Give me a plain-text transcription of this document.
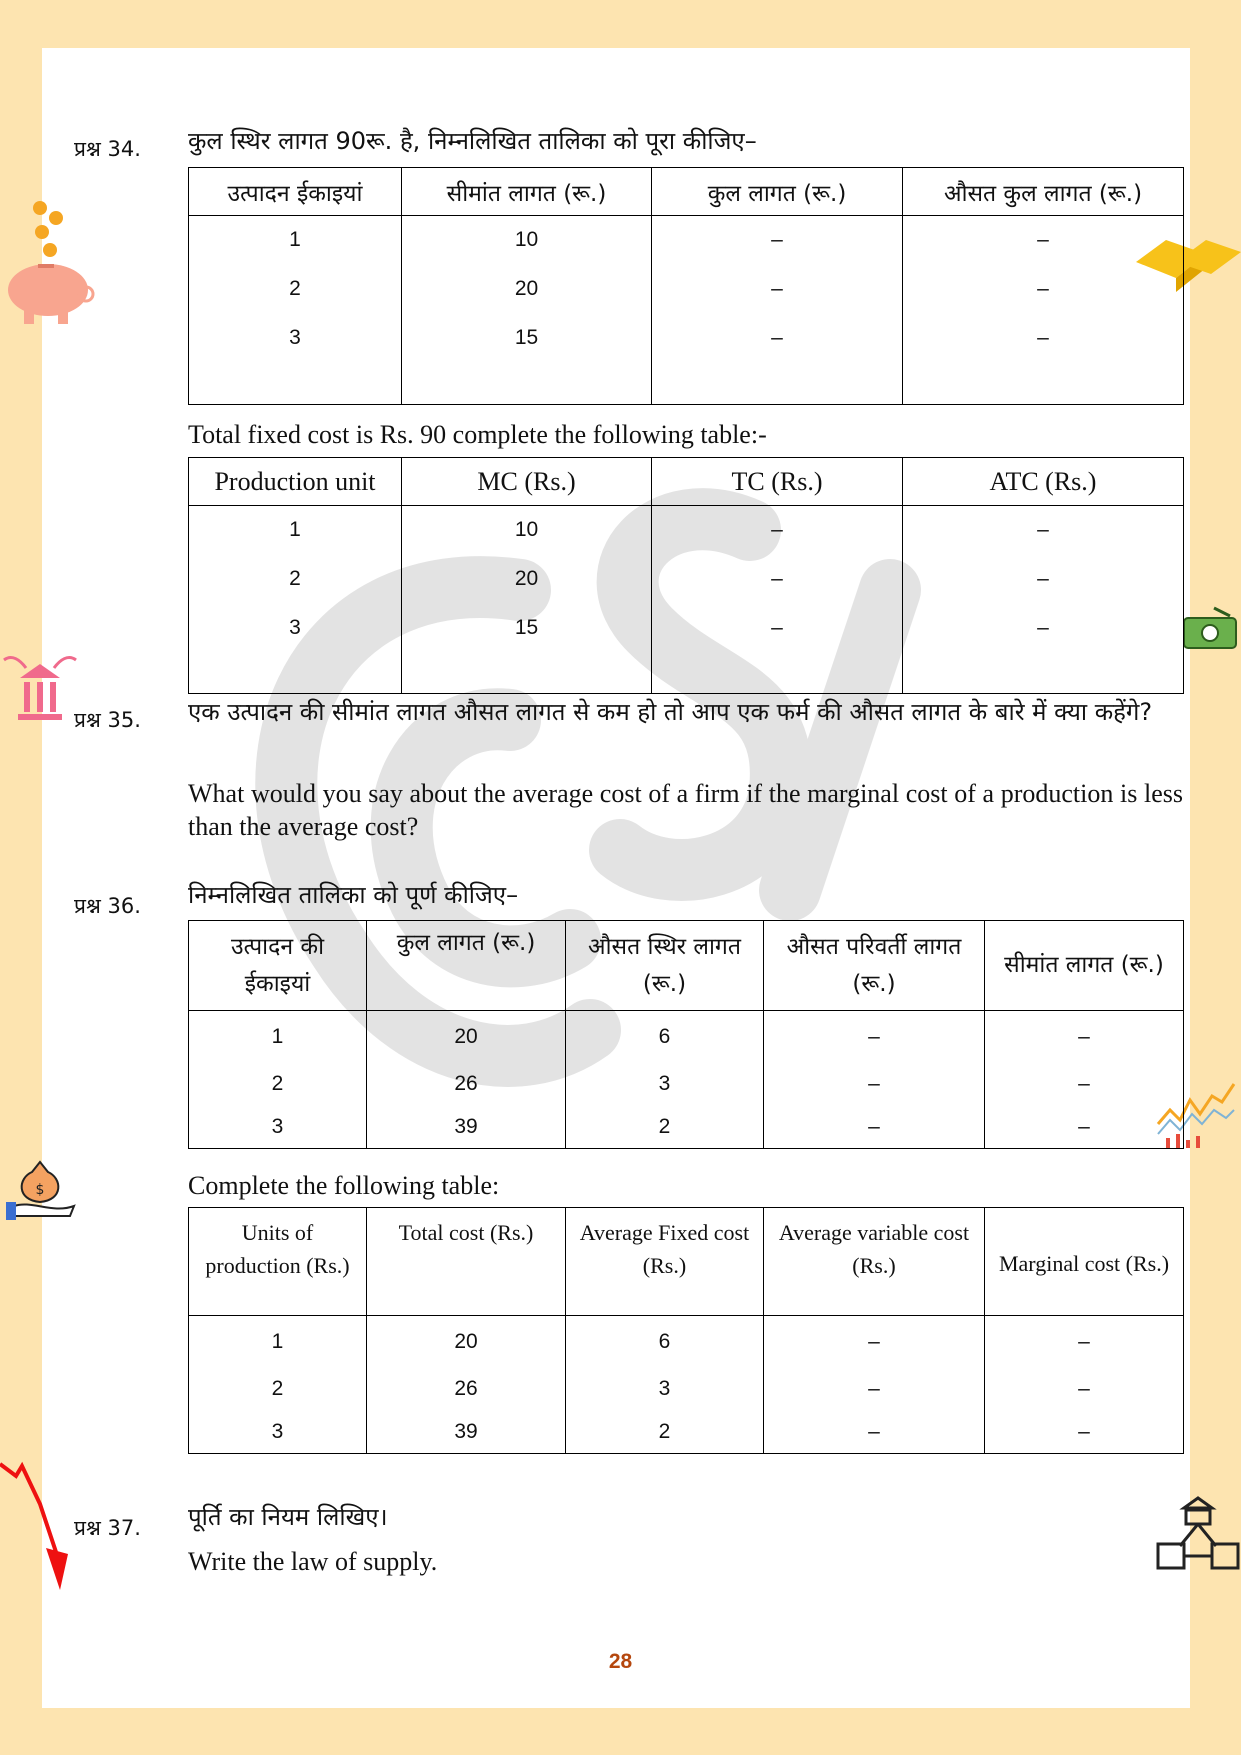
$
प्रश्न 34. कुल स्थिर लागत 90रू. है, निम्नलिखित तालिका को पूरा कीजिए–
उत्पादन ईकाइयां	सीमांत लागत (रू.)	कुल लागत (रू.)	औसत कुल लागत (रू.)
1	10	–	–
2	20	–	–
3	15	–	–

Total fixed cost is Rs. 90 complete the following table:-
Production unit	MC (Rs.)	TC (Rs.)	ATC (Rs.)
1	10	–	–
2	20	–	–
3	15	–	–

प्रश्न 35. एक उत्पादन की सीमांत लागत औसत लागत से कम हो तो आप एक फर्म की औसत लागत के बारे में क्या कहेंगे?
What would you say about the average cost of a firm if the marginal cost of a production is less than the average cost?
प्रश्न 36. निम्नलिखित तालिका को पूर्ण कीजिए–
उत्पादन की ईकाइयां	कुल लागत (रू.)	औसत स्थिर लागत (रू.)	औसत परिवर्ती लागत (रू.)	सीमांत लागत (रू.)
1	20	6	–	–
2	26	3	–	–
3	39	2	–	–
Complete the following table:
Units of production (Rs.)	Total cost (Rs.)	Average Fixed cost (Rs.)	Average variable cost (Rs.)	Marginal cost (Rs.)
1	20	6	–	–
2	26	3	–	–
3	39	2	–	–
प्रश्न 37. पूर्ति का नियम लिखिए।
Write the law of supply.
28
